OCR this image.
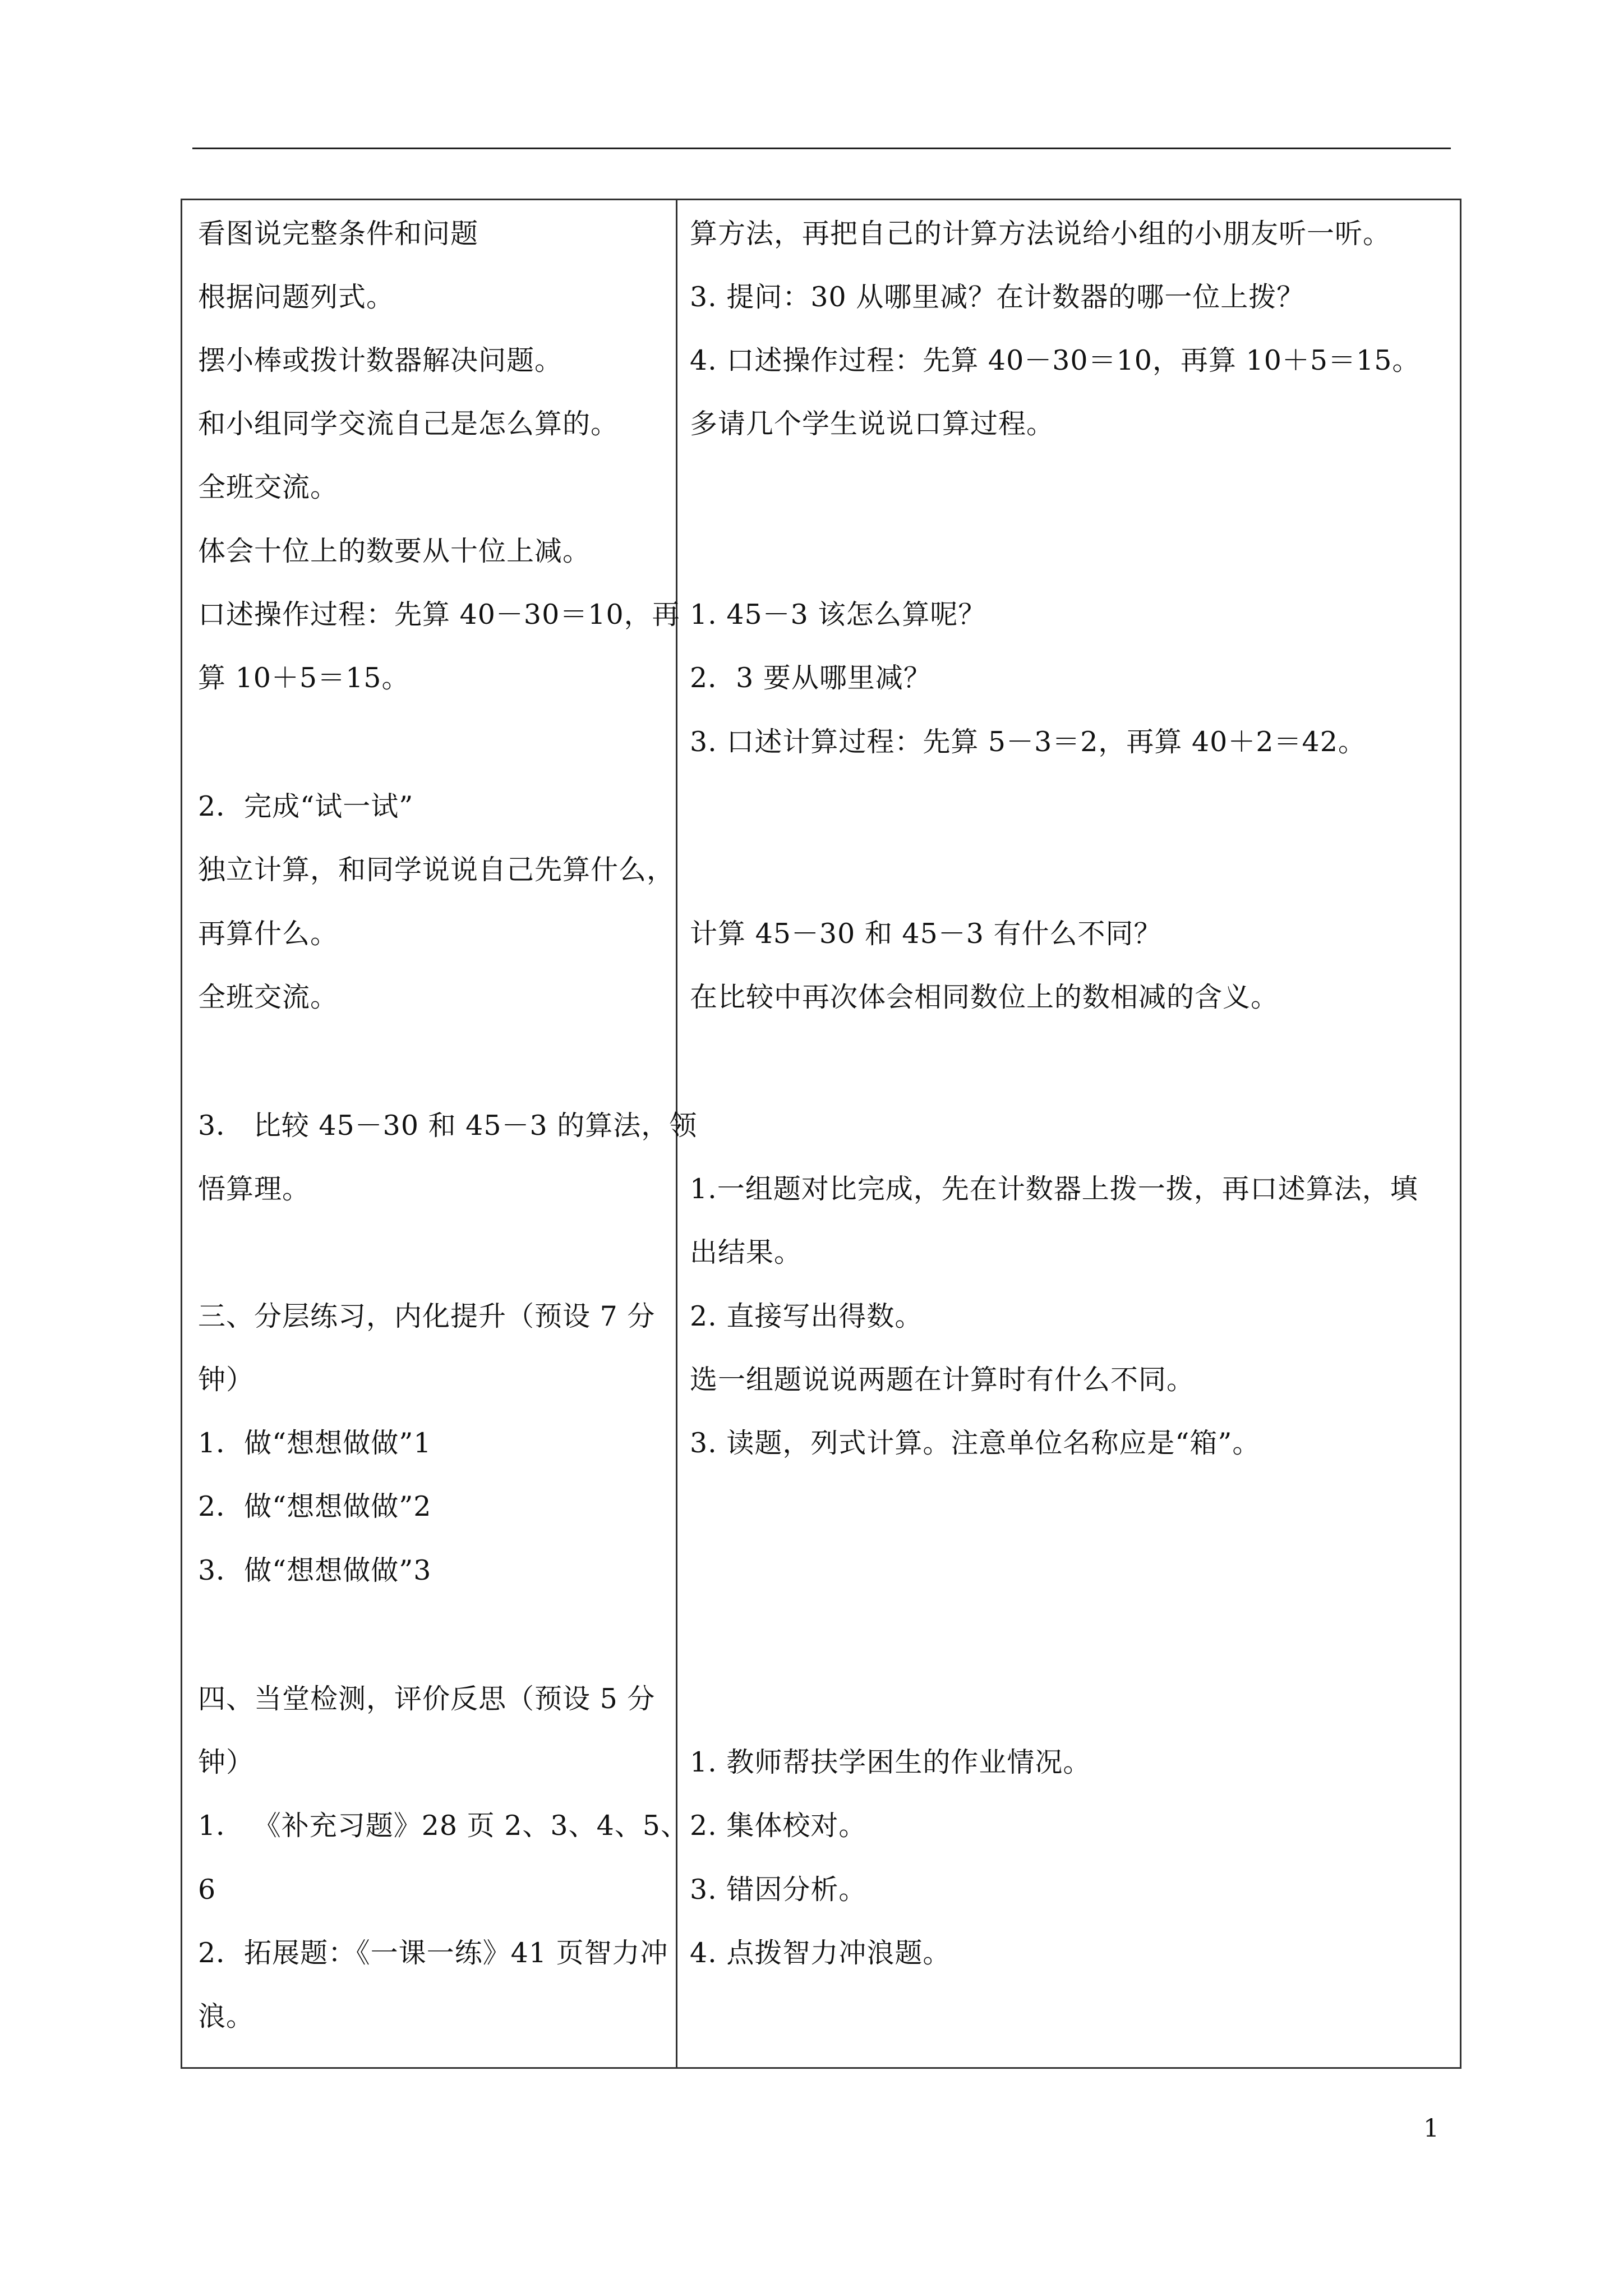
看图说完整条件和问题
根据问题列式。
摆小棒或拨计数器解决问题。
和小组同学交流自己是怎么算的。
全班交流。
体会十位上的数要从十位上减。
口述操作过程：先算 40－30＝10，再
算 10＋5＝15。
2．完成“试一试”
独立计算，和同学说说自己先算什么，
再算什么。
全班交流。
3． 比较 45－30 和 45－3 的算法，领
悟算理。
三、分层练习，内化提升（预设 7 分
钟）
1．做“想想做做”1
2．做“想想做做”2
3．做“想想做做”3
四、当堂检测，评价反思（预设 5 分
钟）
1． 《补充习题》28 页 2、3、4、5、
6
2．拓展题：《一课一练》41 页智力冲
浪。
算方法，再把自己的计算方法说给小组的小朋友听一听。
3. 提问：30 从哪里减？在计数器的哪一位上拨？
4. 口述操作过程：先算 40－30＝10，再算 10＋5＝15。
多请几个学生说说口算过程。
1. 45－3 该怎么算呢？
2．3 要从哪里减？
3. 口述计算过程：先算 5－3＝2，再算 40＋2＝42。
计算 45－30 和 45－3 有什么不同？
在比较中再次体会相同数位上的数相减的含义。
1.一组题对比完成，先在计数器上拨一拨，再口述算法，填
出结果。
2. 直接写出得数。
选一组题说说两题在计算时有什么不同。
3. 读题，列式计算。注意单位名称应是“箱”。
1. 教师帮扶学困生的作业情况。
2. 集体校对。
3. 错因分析。
4. 点拨智力冲浪题。
1
